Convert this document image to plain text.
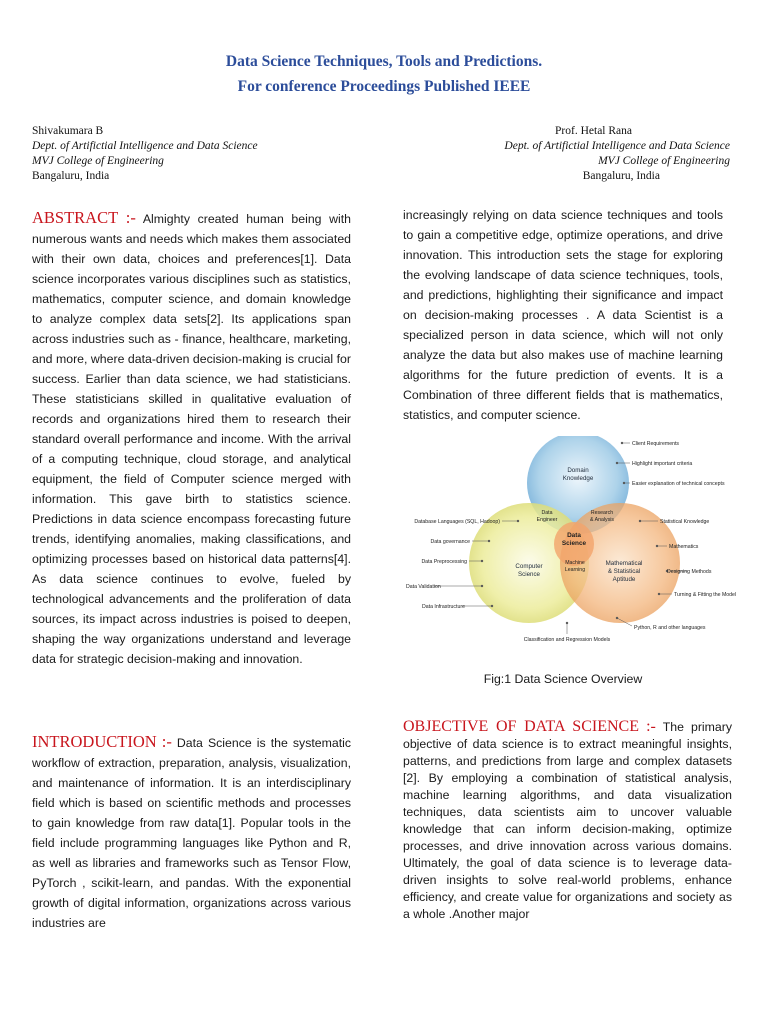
Data Science Techniques, Tools and Predictions.
For conference Proceedings Published IEEE
Shivakumara B
Dept. of Artifictial Intelligence and Data Science
MVJ College of Engineering
Bangaluru, India
Prof. Hetal Rana
Dept. of Artifictial Intelligence and Data Science
MVJ College of Engineering
Bangaluru, India

ABSTRACT :- Almighty created human being with numerous wants and needs which makes them associated with their own data, choices and preferences[1]. Data science incorporates various disciplines such as statistics, mathematics, computer science, and domain knowledge to analyze complex data sets[2]. Its applications span across industries such as - finance, healthcare, marketing, and more, where data-driven decision-making is crucial for success. Earlier than data science, we had statisticians. These statisticians skilled in qualitative evaluation of records and organizations hired them to research their standard overall performance and income. With the arrival of a computing technique, cloud storage, and analytical equipment, the field of Computer science merged with information. This gave birth to statistics science. Predictions in data science encompass forecasting future trends, identifying anomalies, making classifications, and optimizing processes based on historical data patterns[4]. As data science continues to evolve, fueled by technological advancements and the proliferation of data sources, its impact across industries is poised to deepen, shaping the way organizations understand and leverage data for strategic decision-making and innovation.

INTRODUCTION :- Data Science is the systematic workflow of extraction, preparation, analysis, visualization, and maintenance of information. It is an interdisciplinary field which is based on scientific methods and processes to gain knowledge from raw data[1]. Popular tools in the field include programming languages like Python and R, as well as libraries and frameworks such as Tensor Flow, PyTorch , scikit-learn, and pandas. With the exponential growth of digital information, organizations across various industries are

increasingly relying on data science techniques and tools to gain a competitive edge, optimize operations, and drive innovation. This introduction sets the stage for exploring the evolving landscape of data science techniques, tools, and predictions, highlighting their significance and impact on decision-making processes . A data Scientist is a specialized person in data science, which will not only analyze the data but also makes use of machine learning algorithms for the future prediction of events. It is a Combination of three different fields that is mathematics, statistics, and computer science.

Domain
Knowledge
Computer
Science
Mathematical
& Statistical
Aptitude
Data
Science
Data
Engineer
Research
& Analysis
Machine
Learning
Client Requirements
Highlight important criteria
Easier explanation of technical concepts
Statistical Knowledge
Mathematics
Designing Methods
Turning & Fitting the Model
Python, R and other languages
Database Languages (SQL, Hadoop)
Data governance
Data Preprocessing
Data Validation
Data Infrastructure
Classification and Regression Models
Fig:1 Data Science Overview

OBJECTIVE OF DATA SCIENCE :- The primary objective of data science is to extract meaningful insights, patterns, and predictions from large and complex datasets [2]. By employing a combination of statistical analysis, machine learning algorithms, and data visualization techniques, data scientists aim to uncover valuable knowledge that can inform decision-making, optimize processes, and drive innovation across various domains. Ultimately, the goal of data science is to leverage data-driven insights to solve real-world problems, enhance efficiency, and create value for organizations and society as a whole .Another major
